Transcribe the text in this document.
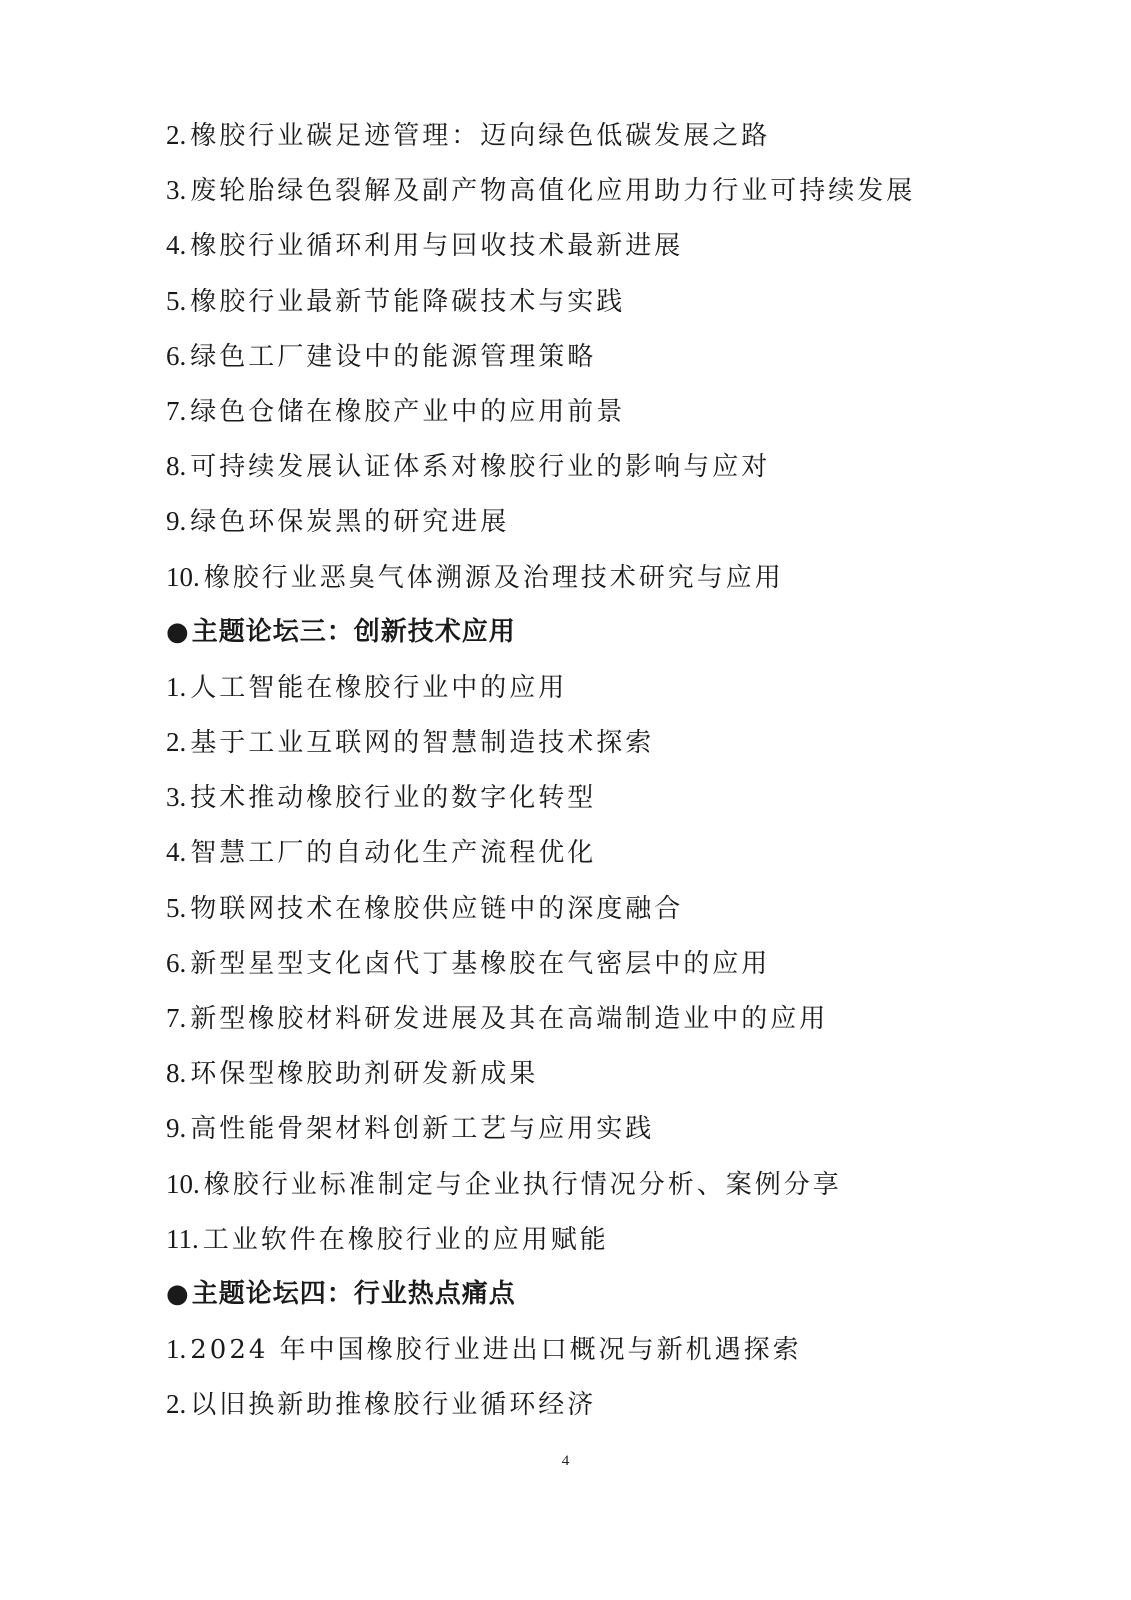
2. 橡胶行业碳足迹管理：迈向绿色低碳发展之路
3. 废轮胎绿色裂解及副产物高值化应用助力行业可持续发展
4. 橡胶行业循环利用与回收技术最新进展
5. 橡胶行业最新节能降碳技术与实践
6. 绿色工厂建设中的能源管理策略
7. 绿色仓储在橡胶产业中的应用前景
8. 可持续发展认证体系对橡胶行业的影响与应对
9. 绿色环保炭黑的研究进展
10. 橡胶行业恶臭气体溯源及治理技术研究与应用
●主题论坛三：创新技术应用
1. 人工智能在橡胶行业中的应用
2. 基于工业互联网的智慧制造技术探索
3. 技术推动橡胶行业的数字化转型
4. 智慧工厂的自动化生产流程优化
5. 物联网技术在橡胶供应链中的深度融合
6. 新型星型支化卤代丁基橡胶在气密层中的应用
7. 新型橡胶材料研发进展及其在高端制造业中的应用
8. 环保型橡胶助剂研发新成果
9. 高性能骨架材料创新工艺与应用实践
10. 橡胶行业标准制定与企业执行情况分析、案例分享
11. 工业软件在橡胶行业的应用赋能
●主题论坛四：行业热点痛点
1. 2024 年中国橡胶行业进出口概况与新机遇探索
2. 以旧换新助推橡胶行业循环经济
4
